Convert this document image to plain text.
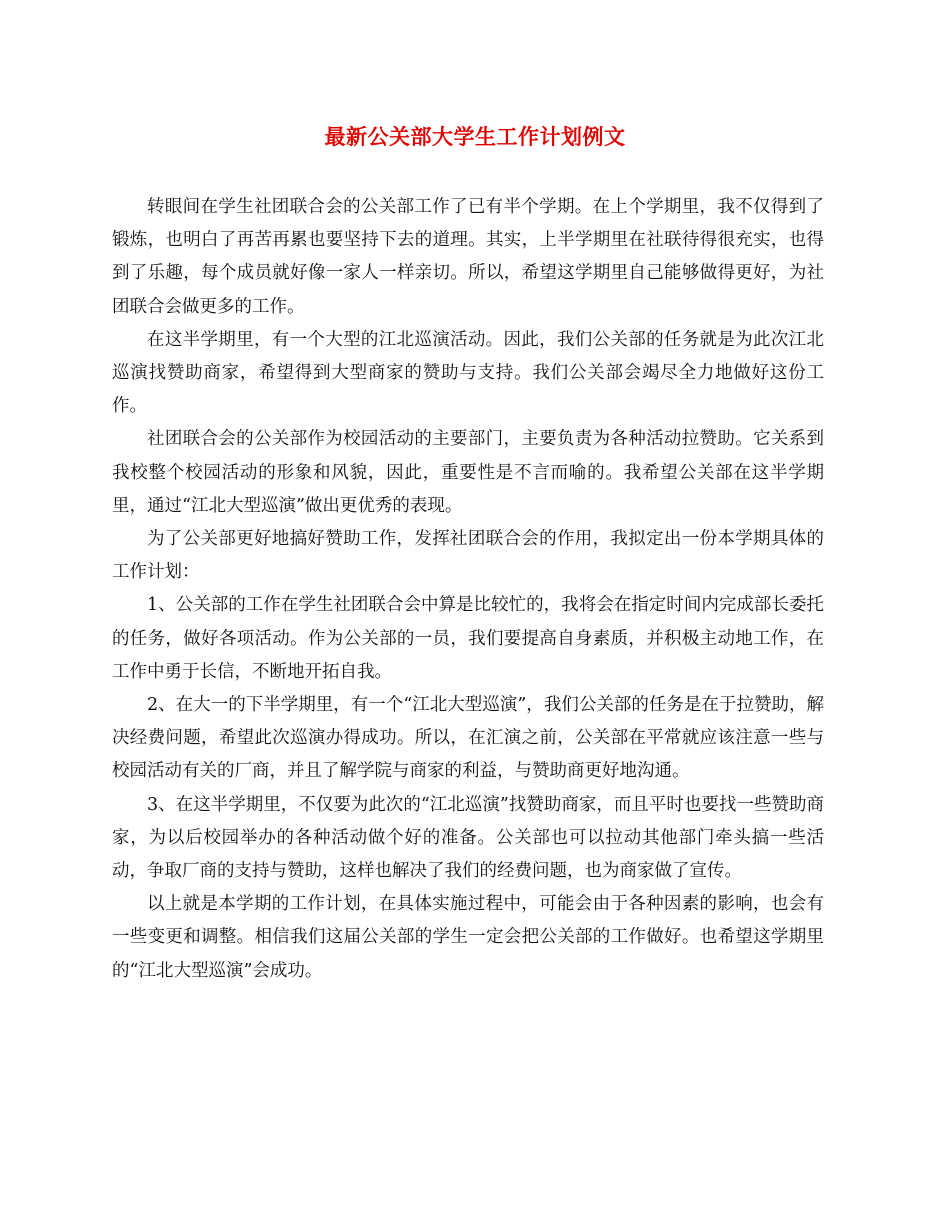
最新公关部大学生工作计划例文

转眼间在学生社团联合会的公关部工作了已有半个学期。在上个学期里，我不仅得到了锻炼，也明白了再苦再累也要坚持下去的道理。其实，上半学期里在社联待得很充实，也得到了乐趣，每个成员就好像一家人一样亲切。所以，希望这学期里自己能够做得更好，为社团联合会做更多的工作。

在这半学期里，有一个大型的江北巡演活动。因此，我们公关部的任务就是为此次江北巡演找赞助商家，希望得到大型商家的赞助与支持。我们公关部会竭尽全力地做好这份工作。

社团联合会的公关部作为校园活动的主要部门，主要负责为各种活动拉赞助。它关系到我校整个校园活动的形象和风貌，因此，重要性是不言而喻的。我希望公关部在这半学期里，通过“江北大型巡演”做出更优秀的表现。

为了公关部更好地搞好赞助工作，发挥社团联合会的作用，我拟定出一份本学期具体的工作计划：

1、公关部的工作在学生社团联合会中算是比较忙的，我将会在指定时间内完成部长委托的任务，做好各项活动。作为公关部的一员，我们要提高自身素质，并积极主动地工作，在工作中勇于长信，不断地开拓自我。

2、在大一的下半学期里，有一个“江北大型巡演”，我们公关部的任务是在于拉赞助，解决经费问题，希望此次巡演办得成功。所以，在汇演之前，公关部在平常就应该注意一些与校园活动有关的厂商，并且了解学院与商家的利益，与赞助商更好地沟通。

3、在这半学期里，不仅要为此次的“江北巡演”找赞助商家，而且平时也要找一些赞助商家，为以后校园举办的各种活动做个好的准备。公关部也可以拉动其他部门牵头搞一些活动，争取厂商的支持与赞助，这样也解决了我们的经费问题，也为商家做了宣传。

以上就是本学期的工作计划，在具体实施过程中，可能会由于各种因素的影响，也会有一些变更和调整。相信我们这届公关部的学生一定会把公关部的工作做好。也希望这学期里的“江北大型巡演”会成功。
